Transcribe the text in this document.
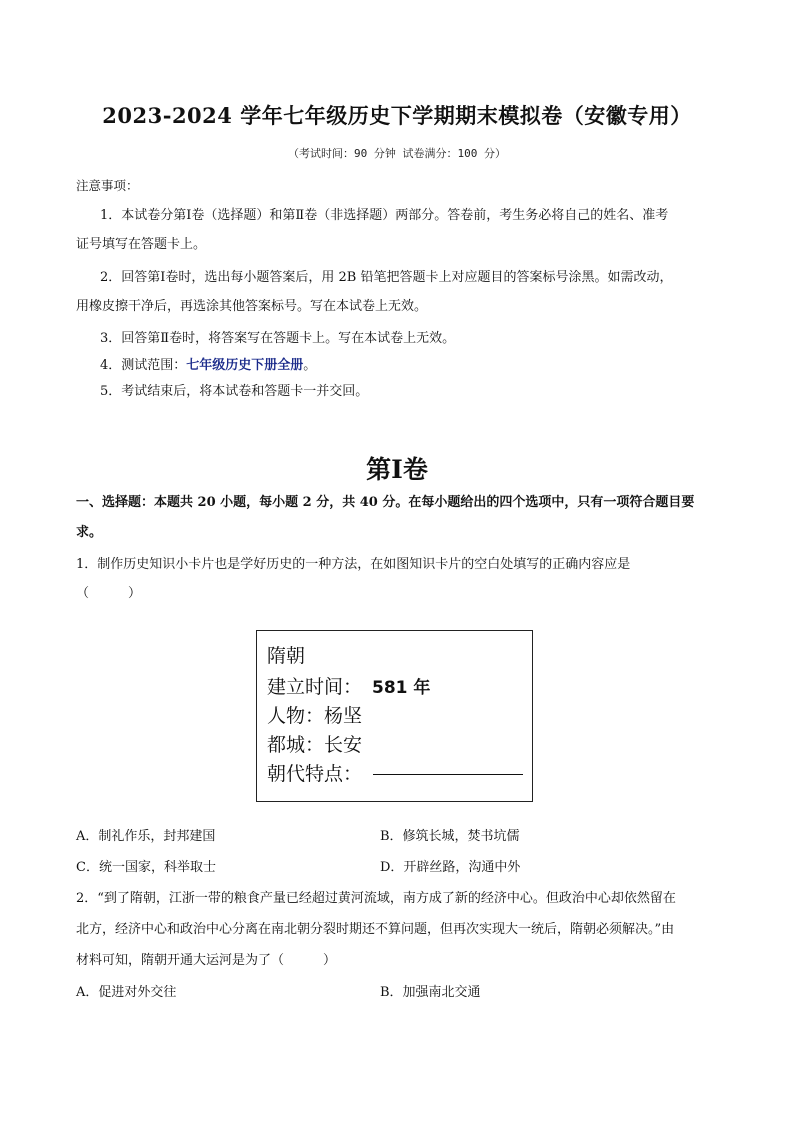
2023-2024 学年七年级历史下学期期末模拟卷（安徽专用）
（考试时间：90 分钟 试卷满分：100 分）
注意事项：
1．本试卷分第Ⅰ卷（选择题）和第Ⅱ卷（非选择题）两部分。答卷前，考生务必将自己的姓名、准考
证号填写在答题卡上。
2．回答第Ⅰ卷时，选出每小题答案后，用 2B 铅笔把答题卡上对应题目的答案标号涂黑。如需改动，
用橡皮擦干净后，再选涂其他答案标号。写在本试卷上无效。
3．回答第Ⅱ卷时，将答案写在答题卡上。写在本试卷上无效。
4．测试范围：七年级历史下册全册。
5．考试结束后，将本试卷和答题卡一并交回。
第Ⅰ卷
一、选择题：本题共 20 小题，每小题 2 分，共 40 分。在每小题给出的四个选项中，只有一项符合题目要
求。
1．制作历史知识小卡片也是学好历史的一种方法，在如图知识卡片的空白处填写的正确内容应是
（　　　）
隋朝
建立时间： 581 年
人物：杨坚
都城：长安
朝代特点：
A．制礼作乐，封邦建国	B．修筑长城，焚书坑儒
C．统一国家，科举取士	D．开辟丝路，沟通中外
2．“到了隋朝，江浙一带的粮食产量已经超过黄河流域，南方成了新的经济中心。但政治中心却依然留在
北方，经济中心和政治中心分离在南北朝分裂时期还不算问题，但再次实现大一统后，隋朝必须解决。”由
材料可知，隋朝开通大运河是为了（　　　）
A．促进对外交往	B．加强南北交通
